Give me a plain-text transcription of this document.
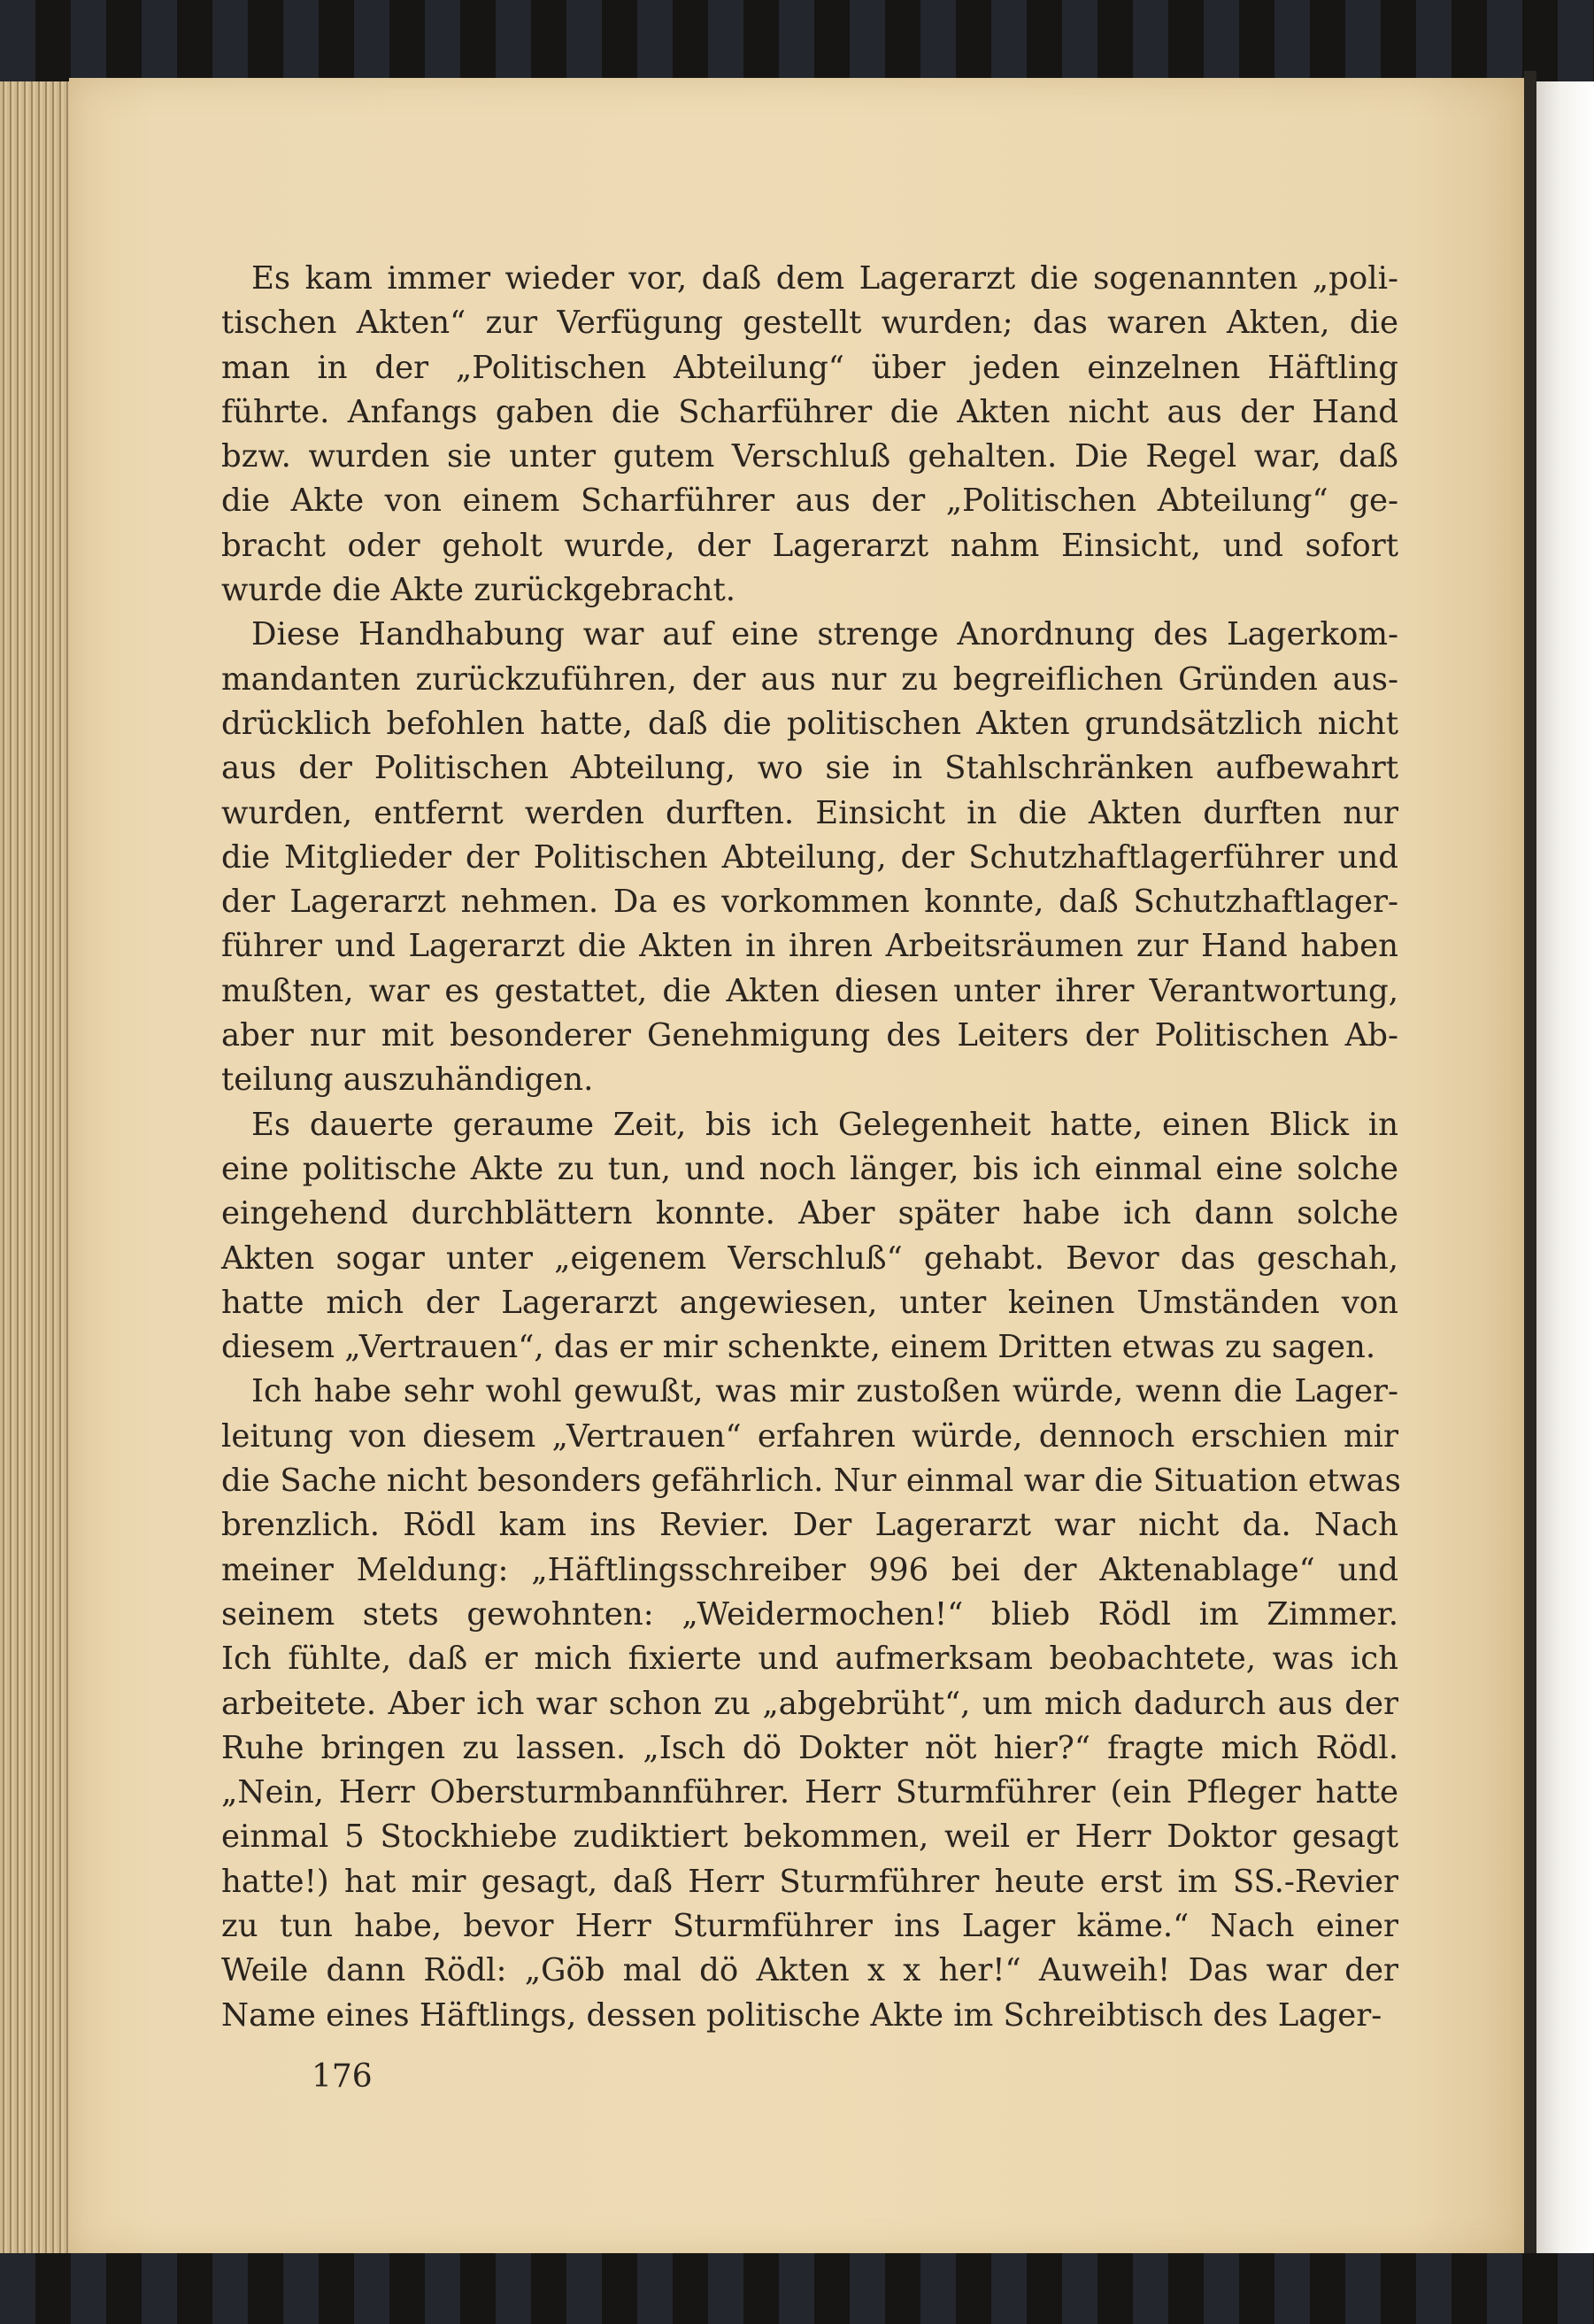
Es kam immer wieder vor, daß dem Lagerarzt die sogenannten „poli-
tischen Akten“ zur Verfügung gestellt wurden; das waren Akten, die
man in der „Politischen Abteilung“ über jeden einzelnen Häftling
führte. Anfangs gaben die Scharführer die Akten nicht aus der Hand
bzw. wurden sie unter gutem Verschluß gehalten. Die Regel war, daß
die Akte von einem Scharführer aus der „Politischen Abteilung“ ge-
bracht oder geholt wurde, der Lagerarzt nahm Einsicht, und sofort
wurde die Akte zurückgebracht.
Diese Handhabung war auf eine strenge Anordnung des Lagerkom-
mandanten zurückzuführen, der aus nur zu begreiflichen Gründen aus-
drücklich befohlen hatte, daß die politischen Akten grundsätzlich nicht
aus der Politischen Abteilung, wo sie in Stahlschränken aufbewahrt
wurden, entfernt werden durften. Einsicht in die Akten durften nur
die Mitglieder der Politischen Abteilung, der Schutzhaftlagerführer und
der Lagerarzt nehmen. Da es vorkommen konnte, daß Schutzhaftlager-
führer und Lagerarzt die Akten in ihren Arbeitsräumen zur Hand haben
mußten, war es gestattet, die Akten diesen unter ihrer Verantwortung,
aber nur mit besonderer Genehmigung des Leiters der Politischen Ab-
teilung auszuhändigen.
Es dauerte geraume Zeit, bis ich Gelegenheit hatte, einen Blick in
eine politische Akte zu tun, und noch länger, bis ich einmal eine solche
eingehend durchblättern konnte. Aber später habe ich dann solche
Akten sogar unter „eigenem Verschluß“ gehabt. Bevor das geschah,
hatte mich der Lagerarzt angewiesen, unter keinen Umständen von
diesem „Vertrauen“, das er mir schenkte, einem Dritten etwas zu sagen.
Ich habe sehr wohl gewußt, was mir zustoßen würde, wenn die Lager-
leitung von diesem „Vertrauen“ erfahren würde, dennoch erschien mir
die Sache nicht besonders gefährlich. Nur einmal war die Situation etwas
brenzlich. Rödl kam ins Revier. Der Lagerarzt war nicht da. Nach
meiner Meldung: „Häftlingsschreiber 996 bei der Aktenablage“ und
seinem stets gewohnten: „Weidermochen!“ blieb Rödl im Zimmer.
Ich fühlte, daß er mich fixierte und aufmerksam beobachtete, was ich
arbeitete. Aber ich war schon zu „abgebrüht“, um mich dadurch aus der
Ruhe bringen zu lassen. „Isch dö Dokter nöt hier?“ fragte mich Rödl.
„Nein, Herr Obersturmbannführer. Herr Sturmführer (ein Pfleger hatte
einmal 5 Stockhiebe zudiktiert bekommen, weil er Herr Doktor gesagt
hatte!) hat mir gesagt, daß Herr Sturmführer heute erst im SS.-Revier
zu tun habe, bevor Herr Sturmführer ins Lager käme.“ Nach einer
Weile dann Rödl: „Göb mal dö Akten x x her!“ Auweih! Das war der
Name eines Häftlings, dessen politische Akte im Schreibtisch des Lager-
176
